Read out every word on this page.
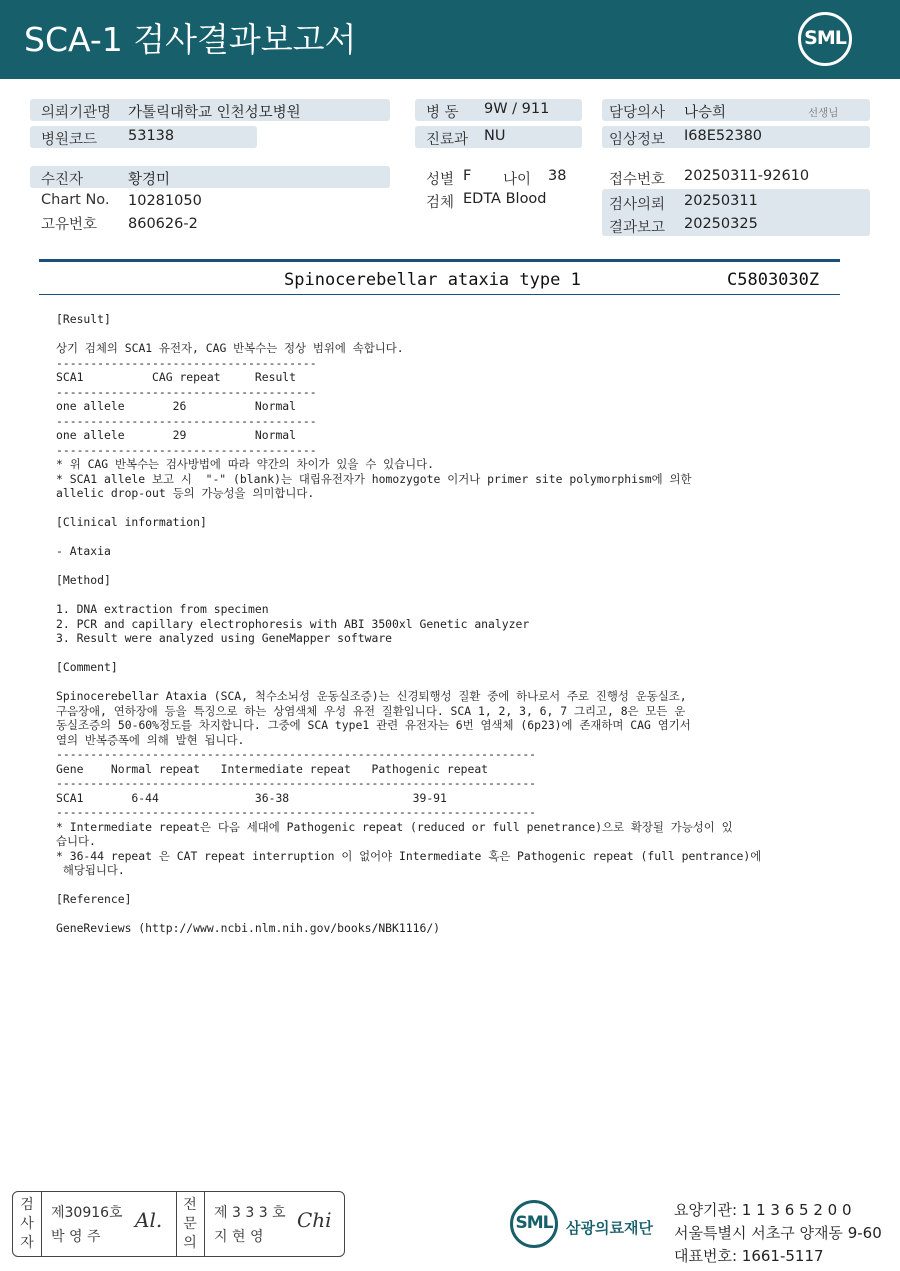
SCA-1 검사결과보고서	SML
의뢰기관명 가톨릭대학교 인천성모병원
병원코드 53138
수진자	황경미
Chart No. 10281050
고유번호 860626-2
병 동 9W / 911
진료과 NU
성별 F 나이 38
검체 EDTA Blood
담당의사 나승희	선생님
임상정보 I68E52380
접수번호 20250311-92610
검사의뢰 20250311
결과보고 20250325
Spinocerebellar ataxia type 1	C5803030Z
[Result]

상기 검체의 SCA1 유전자, CAG 반복수는 정상 범위에 속합니다.
--------------------------------------
SCA1          CAG repeat     Result
--------------------------------------
one allele       26          Normal
--------------------------------------
one allele       29          Normal
--------------------------------------
* 위 CAG 반복수는 검사방법에 따라 약간의 차이가 있을 수 있습니다.
* SCA1 allele 보고 시  "-" (blank)는 대립유전자가 homozygote 이거나 primer site polymorphism에 의한
allelic drop-out 등의 가능성을 의미합니다.

[Clinical information]

- Ataxia

[Method]

1. DNA extraction from specimen
2. PCR and capillary electrophoresis with ABI 3500xl Genetic analyzer
3. Result were analyzed using GeneMapper software

[Comment]

Spinocerebellar Ataxia (SCA, 척수소뇌성 운동실조증)는 신경퇴행성 질환 중에 하나로서 주로 진행성 운동실조,
구음장애, 연하장애 등을 특징으로 하는 상염색체 우성 유전 질환입니다. SCA 1, 2, 3, 6, 7 그리고, 8은 모든 운
동실조증의 50-60%정도를 차지합니다. 그중에 SCA type1 관련 유전자는 6번 염색체 (6p23)에 존재하며 CAG 염기서
열의 반복증폭에 의해 발현 됩니다.
----------------------------------------------------------------------
Gene    Normal repeat   Intermediate repeat   Pathogenic repeat
----------------------------------------------------------------------
SCA1       6-44              36-38                  39-91
----------------------------------------------------------------------
* Intermediate repeat은 다음 세대에 Pathogenic repeat (reduced or full penetrance)으로 확장될 가능성이 있
습니다.
* 36-44 repeat 은 CAT repeat interruption 이 없어야 Intermediate 혹은 Pathogenic repeat (full pentrance)에
해당됩니다.

[Reference]

GeneReviews (http://www.ncbi.nlm.nih.gov/books/NBK1116/)
검
사
자
제30916호
박 영 주
Al.
전
문
의
제 3 3 3 호
지 현 영
Chi	SML 삼광의료재단
요양기관: 1 1 3 6 5 2 0 0
서울특별시 서초구 양재동 9-60
대표번호: 1661-5117
